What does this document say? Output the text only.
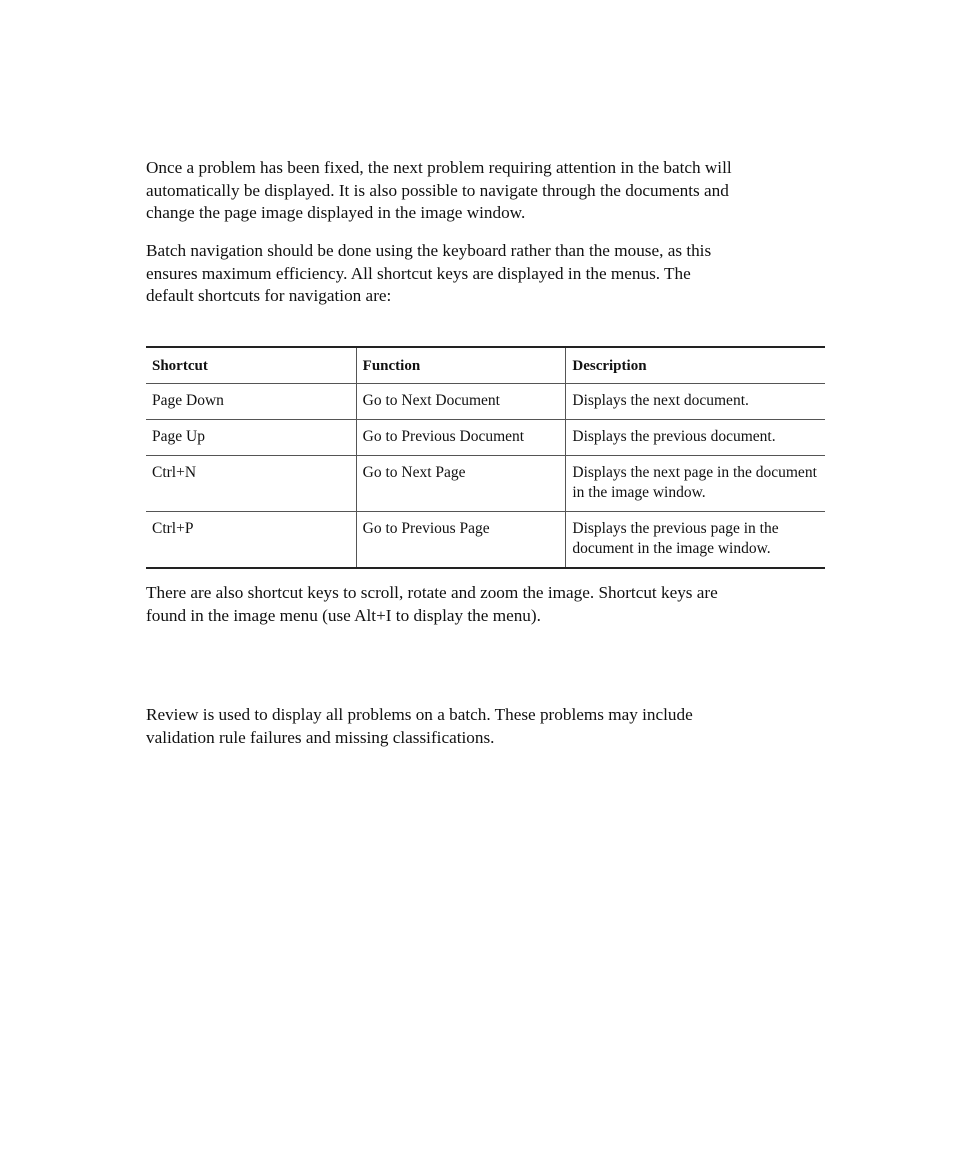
Once a problem has been fixed, the next problem requiring attention in the batch will
automatically be displayed. It is also possible to navigate through the documents and
change the page image displayed in the image window.

Batch navigation should be done using the keyboard rather than the mouse, as this
ensures maximum efficiency. All shortcut keys are displayed in the menus. The
default shortcuts for navigation are:

Shortcut	Function	Description
Page Down	Go to Next Document	Displays the next document.
Page Up	Go to Previous Document	Displays the previous document.
Ctrl+N	Go to Next Page	Displays the next page in the document in the image window.
Ctrl+P	Go to Previous Page	Displays the previous page in the document in the image window.

There are also shortcut keys to scroll, rotate and zoom the image. Shortcut keys are
found in the image menu (use Alt+I to display the menu).

Review is used to display all problems on a batch. These problems may include
validation rule failures and missing classifications.
